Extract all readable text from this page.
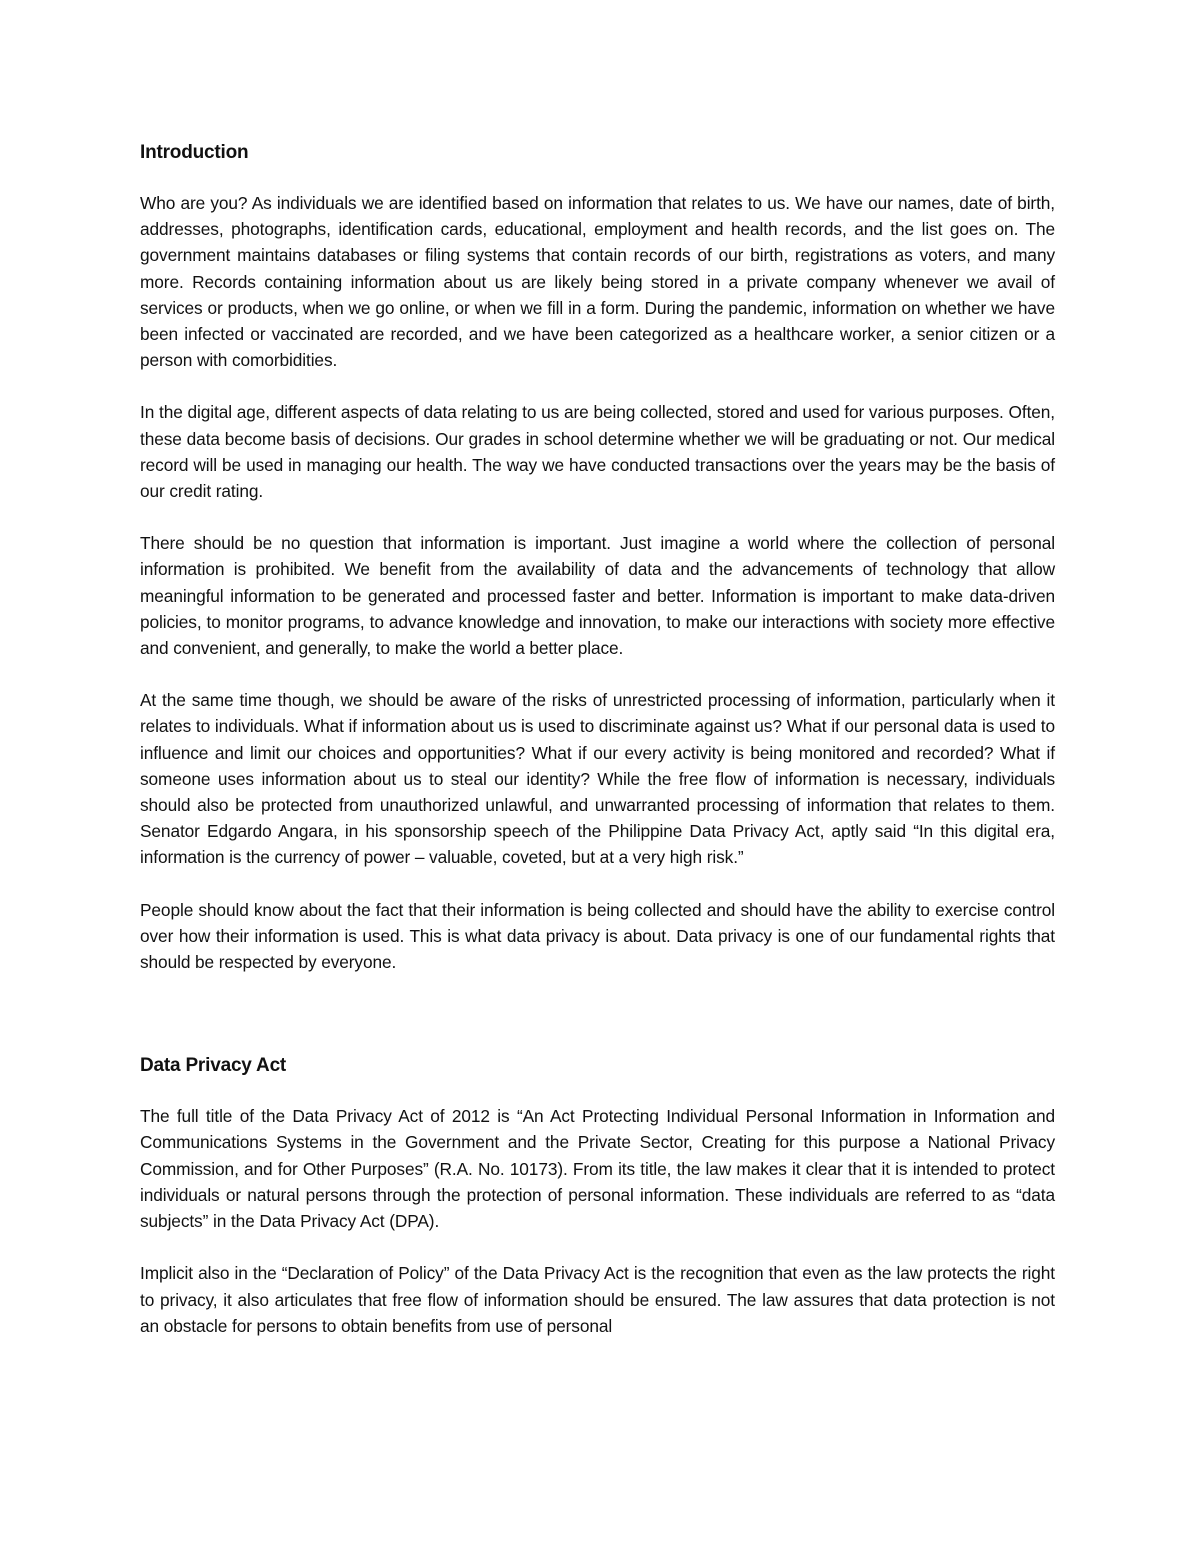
Introduction

Who are you? As individuals we are identified based on information that relates to us. We have our names, date of birth, addresses, photographs, identification cards, educational, employment and health records, and the list goes on. The government maintains databases or filing systems that contain records of our birth, registrations as voters, and many more. Records containing information about us are likely being stored in a private company whenever we avail of services or products, when we go online, or when we fill in a form. During the pandemic, information on whether we have been infected or vaccinated are recorded, and we have been categorized as a healthcare worker, a senior citizen or a person with comorbidities.

In the digital age, different aspects of data relating to us are being collected, stored and used for various purposes. Often, these data become basis of decisions. Our grades in school determine whether we will be graduating or not. Our medical record will be used in managing our health. The way we have conducted transactions over the years may be the basis of our credit rating.

There should be no question that information is important. Just imagine a world where the collection of personal information is prohibited. We benefit from the availability of data and the advancements of technology that allow meaningful information to be generated and processed faster and better. Information is important to make data-driven policies, to monitor programs, to advance knowledge and innovation, to make our interactions with society more effective and convenient, and generally, to make the world a better place.

At the same time though, we should be aware of the risks of unrestricted processing of information, particularly when it relates to individuals. What if information about us is used to discriminate against us? What if our personal data is used to influence and limit our choices and opportunities? What if our every activity is being monitored and recorded? What if someone uses information about us to steal our identity? While the free flow of information is necessary, individuals should also be protected from unauthorized unlawful, and unwarranted processing of information that relates to them. Senator Edgardo Angara, in his sponsorship speech of the Philippine Data Privacy Act, aptly said “In this digital era, information is the currency of power – valuable, coveted, but at a very high risk.”

People should know about the fact that their information is being collected and should have the ability to exercise control over how their information is used. This is what data privacy is about. Data privacy is one of our fundamental rights that should be respected by everyone.

Data Privacy Act

The full title of the Data Privacy Act of 2012 is “An Act Protecting Individual Personal Information in Information and Communications Systems in the Government and the Private Sector, Creating for this purpose a National Privacy Commission, and for Other Purposes” (R.A. No. 10173). From its title, the law makes it clear that it is intended to protect individuals or natural persons through the protection of personal information. These individuals are referred to as “data subjects” in the Data Privacy Act (DPA).

Implicit also in the “Declaration of Policy” of the Data Privacy Act is the recognition that even as the law protects the right to privacy, it also articulates that free flow of information should be ensured. The law assures that data protection is not an obstacle for persons to obtain benefits from use of personal
